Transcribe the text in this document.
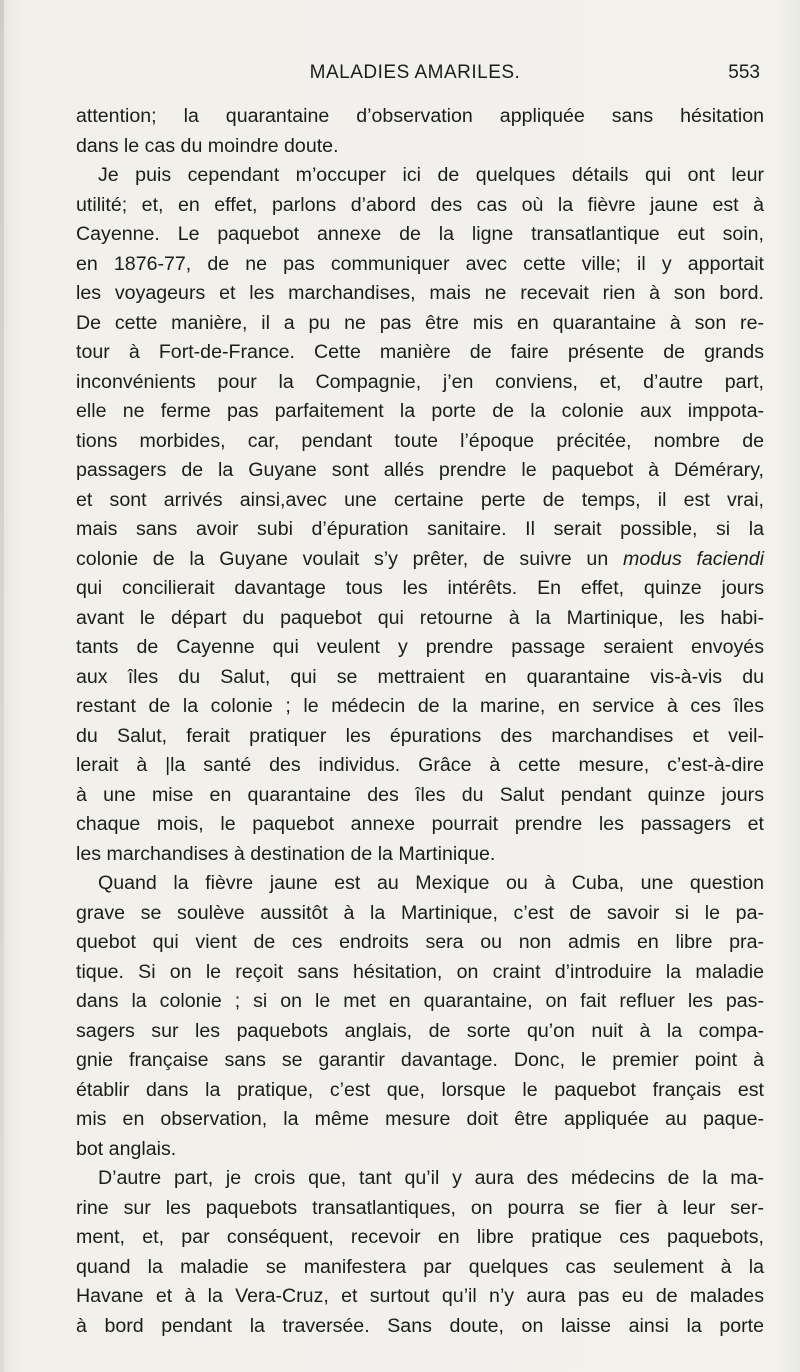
MALADIES AMARILES.	553

attention; la quarantaine d’observation appliquée sans hésitation

dans le cas du moindre doute.

Je puis cependant m’occuper ici de quelques détails qui ont leur

utilité; et, en effet, parlons d’abord des cas où la fièvre jaune est à

Cayenne. Le paquebot annexe de la ligne transatlantique eut soin,

en 1876-77, de ne pas communiquer avec cette ville; il y apportait

les voyageurs et les marchandises, mais ne recevait rien à son bord.

De cette manière, il a pu ne pas être mis en quarantaine à son re-

tour à Fort-de-France. Cette manière de faire présente de grands

inconvénients pour la Compagnie, j’en conviens, et, d’autre part,

elle ne ferme pas parfaitement la porte de la colonie aux imppota-

tions morbides, car, pendant toute l’époque précitée, nombre de

passagers de la Guyane sont allés prendre le paquebot à Démérary,

et sont arrivés ainsi,avec une certaine perte de temps, il est vrai,

mais sans avoir subi d’épuration sanitaire. Il serait possible, si la

colonie de la Guyane voulait s’y prêter, de suivre un modus faciendi

qui concilierait davantage tous les intérêts. En effet, quinze jours

avant le départ du paquebot qui retourne à la Martinique, les habi-

tants de Cayenne qui veulent y prendre passage seraient envoyés

aux îles du Salut, qui se mettraient en quarantaine vis-à-vis du

restant de la colonie ; le médecin de la marine, en service à ces îles

du Salut, ferait pratiquer les épurations des marchandises et veil-

lerait à |la santé des individus. Grâce à cette mesure, c’est-à-dire

à une mise en quarantaine des îles du Salut pendant quinze jours

chaque mois, le paquebot annexe pourrait prendre les passagers et

les marchandises à destination de la Martinique.

Quand la fièvre jaune est au Mexique ou à Cuba, une question

grave se soulève aussitôt à la Martinique, c’est de savoir si le pa-

quebot qui vient de ces endroits sera ou non admis en libre pra-

tique. Si on le reçoit sans hésitation, on craint d’introduire la maladie

dans la colonie ; si on le met en quarantaine, on fait refluer les pas-

sagers sur les paquebots anglais, de sorte qu’on nuit à la compa-

gnie française sans se garantir davantage. Donc, le premier point à

établir dans la pratique, c’est que, lorsque le paquebot français est

mis en observation, la même mesure doit être appliquée au paque-

bot anglais.

D’autre part, je crois que, tant qu’il y aura des médecins de la ma-

rine sur les paquebots transatlantiques, on pourra se fier à leur ser-

ment, et, par conséquent, recevoir en libre pratique ces paquebots,

quand la maladie se manifestera par quelques cas seulement à la

Havane et à la Vera-Cruz, et surtout qu’il n’y aura pas eu de malades

à bord pendant la traversée. Sans doute, on laisse ainsi la porte
